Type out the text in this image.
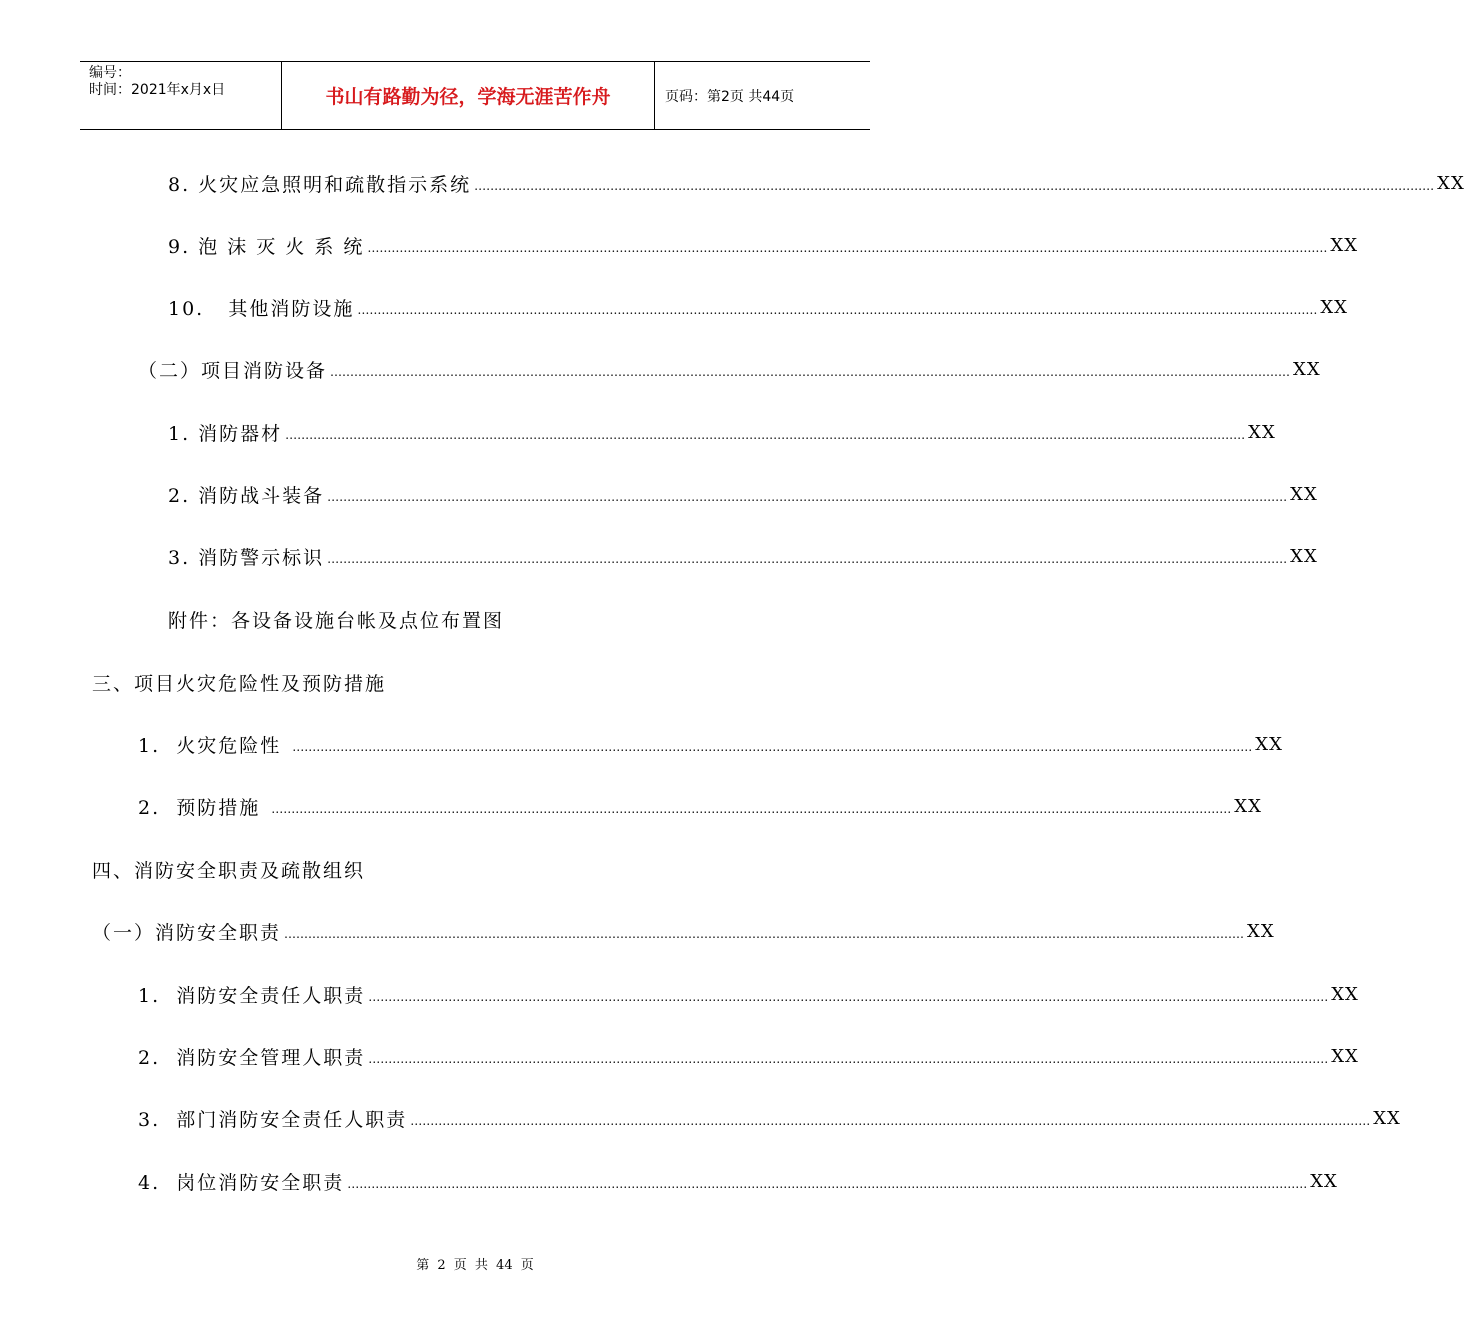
编号：
时间：2021年x月x日	书山有路勤为径，学海无涯苦作舟	页码：第2页 共44页
8. 火灾应急照明和疏散指示系统 …………………………………………………………………………………………………………………………………………………………………………………………………………………… XX
9. 泡 沫 灭 火 系 统 …………………………………………………………………………………………………………………………………………………………………………………………………………………… XX
10.   其他消防设施 …………………………………………………………………………………………………………………………………………………………………………………………………………………… XX
（二）项目消防设备 …………………………………………………………………………………………………………………………………………………………………………………………………………………… XX
1. 消防器材 …………………………………………………………………………………………………………………………………………………………………………………………………………………… XX
2. 消防战斗装备 …………………………………………………………………………………………………………………………………………………………………………………………………………………… XX
3. 消防警示标识 …………………………………………………………………………………………………………………………………………………………………………………………………………………… XX
附件：各设备设施台帐及点位布置图
三、项目火灾危险性及预防措施
1.  火灾危险性 …………………………………………………………………………………………………………………………………………………………………………………………………………………… XX
2.  预防措施 …………………………………………………………………………………………………………………………………………………………………………………………………………………… XX
四、消防安全职责及疏散组织
（一）消防安全职责 …………………………………………………………………………………………………………………………………………………………………………………………………………………… XX
1.  消防安全责任人职责 …………………………………………………………………………………………………………………………………………………………………………………………………………………… XX
2.  消防安全管理人职责 …………………………………………………………………………………………………………………………………………………………………………………………………………………… XX
3.  部门消防安全责任人职责 …………………………………………………………………………………………………………………………………………………………………………………………………………………… XX
4.  岗位消防安全职责 …………………………………………………………………………………………………………………………………………………………………………………………………………………… XX
第 2 页 共 44 页
